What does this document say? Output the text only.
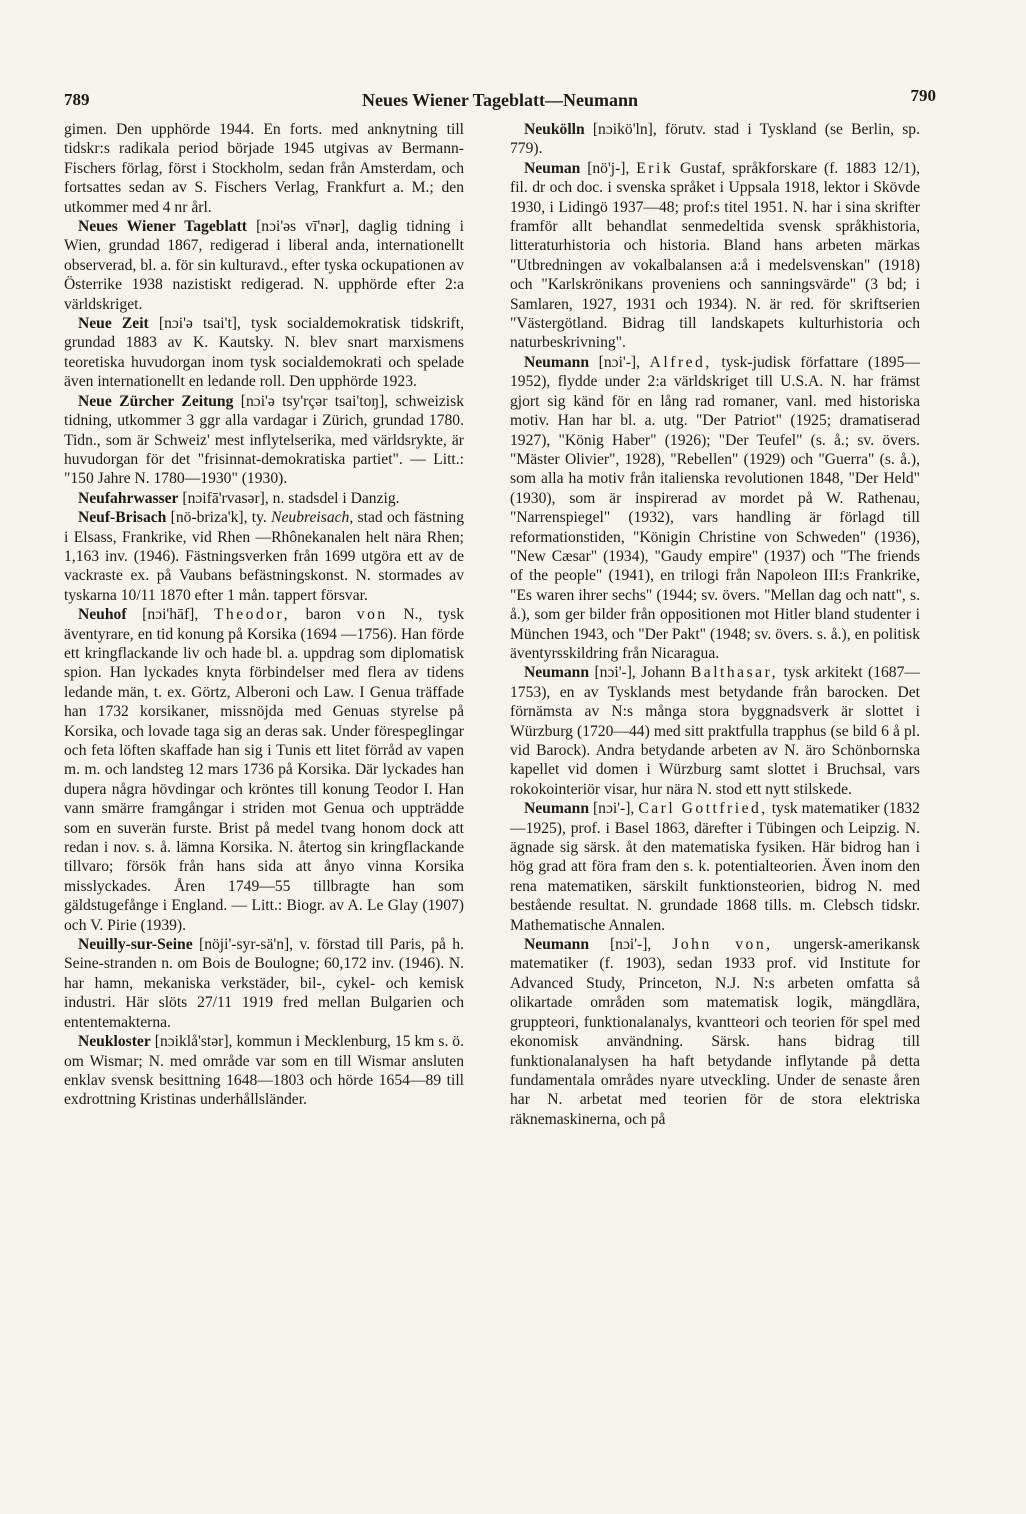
789	Neues Wiener Tageblatt—Neumann	790

gimen. Den upphörde 1944. En forts. med anknytning till tidskr:s radikala period började 1945 utgivas av Bermann-Fischers förlag, först i Stockholm, sedan från Amsterdam, och fortsattes sedan av S. Fischers Verlag, Frankfurt a. M.; den utkommer med 4 nr årl.

Neues Wiener Tageblatt [nɔi'əs vī'nər], daglig tidning i Wien, grundad 1867, redigerad i liberal anda, internationellt observerad, bl. a. för sin kulturavd., efter tyska ockupationen av Österrike 1938 nazistiskt redigerad. N. upphörde efter 2:a världskriget.

Neue Zeit [nɔi'ə tsai't], tysk socialdemokratisk tidskrift, grundad 1883 av K. Kautsky. N. blev snart marxismens teoretiska huvudorgan inom tysk socialdemokrati och spelade även internationellt en ledande roll. Den upphörde 1923.

Neue Zürcher Zeitung [nɔi'ə tsy'rçər tsai'toŋ], schweizisk tidning, utkommer 3 ggr alla vardagar i Zürich, grundad 1780. Tidn., som är Schweiz' mest inflytelserika, med världsrykte, är huvudorgan för det "frisinnat-demokratiska partiet". — Litt.: "150 Jahre N. 1780—1930" (1930).

Neufahrwasser [nɔifā'rvasər], n. stadsdel i Danzig.

Neuf-Brisach [nö-briza'k], ty. Neubreisach, stad och fästning i Elsass, Frankrike, vid Rhen —Rhônekanalen helt nära Rhen; 1,163 inv. (1946). Fästningsverken från 1699 utgöra ett av de vackraste ex. på Vaubans befästningskonst. N. stormades av tyskarna 10/11 1870 efter 1 mån. tappert försvar.

Neuhof [nɔi'hāf], Theodor, baron von N., tysk äventyrare, en tid konung på Korsika (1694 —1756). Han förde ett kringflackande liv och hade bl. a. uppdrag som diplomatisk spion. Han lyckades knyta förbindelser med flera av tidens ledande män, t. ex. Görtz, Alberoni och Law. I Genua träffade han 1732 korsikaner, missnöjda med Genuas styrelse på Korsika, och lovade taga sig an deras sak. Under förespeglingar och feta löften skaffade han sig i Tunis ett litet förråd av vapen m. m. och landsteg 12 mars 1736 på Korsika. Där lyckades han dupera några hövdingar och kröntes till konung Teodor I. Han vann smärre framgångar i striden mot Genua och uppträdde som en suverän furste. Brist på medel tvang honom dock att redan i nov. s. å. lämna Korsika. N. återtog sin kringflackande tillvaro; försök från hans sida att ånyo vinna Korsika misslyckades. Åren 1749—55 tillbragte han som gäldstugefånge i England. — Litt.: Biogr. av A. Le Glay (1907) och V. Pirie (1939).

Neuilly-sur-Seine [nöji'-syr-sä'n], v. förstad till Paris, på h. Seine-stranden n. om Bois de Boulogne; 60,172 inv. (1946). N. har hamn, mekaniska verkstäder, bil-, cykel- och kemisk industri. Här slöts 27/11 1919 fred mellan Bulgarien och ententemakterna.

Neukloster [nɔiklå'stər], kommun i Mecklenburg, 15 km s. ö. om Wismar; N. med område var som en till Wismar ansluten enklav svensk besittning 1648—1803 och hörde 1654—89 till exdrottning Kristinas underhållsländer.

Neukölln [nɔikö'ln], förutv. stad i Tyskland (se Berlin, sp. 779).

Neuman [nö'j-], Erik Gustaf, språkforskare (f. 1883 12/1), fil. dr och doc. i svenska språket i Uppsala 1918, lektor i Skövde 1930, i Lidingö 1937—48; prof:s titel 1951. N. har i sina skrifter framför allt behandlat senmedeltida svensk språkhistoria, litteraturhistoria och historia. Bland hans arbeten märkas "Utbredningen av vokalbalansen a:å i medelsvenskan" (1918) och "Karlskrönikans proveniens och sanningsvärde" (3 bd; i Samlaren, 1927, 1931 och 1934). N. är red. för skriftserien "Västergötland. Bidrag till landskapets kulturhistoria och naturbeskrivning".

Neumann [nɔi'-], Alfred, tysk-judisk författare (1895—1952), flydde under 2:a världskriget till U.S.A. N. har främst gjort sig känd för en lång rad romaner, vanl. med historiska motiv. Han har bl. a. utg. "Der Patriot" (1925; dramatiserad 1927), "König Haber" (1926); "Der Teufel" (s. å.; sv. övers. "Mäster Olivier", 1928), "Rebellen" (1929) och "Guerra" (s. å.), som alla ha motiv från italienska revolutionen 1848, "Der Held" (1930), som är inspirerad av mordet på W. Rathenau, "Narrenspiegel" (1932), vars handling är förlagd till reformationstiden, "Königin Christine von Schweden" (1936), "New Cæsar" (1934), "Gaudy empire" (1937) och "The friends of the people" (1941), en trilogi från Napoleon III:s Frankrike, "Es waren ihrer sechs" (1944; sv. övers. "Mellan dag och natt", s. å.), som ger bilder från oppositionen mot Hitler bland studenter i München 1943, och "Der Pakt" (1948; sv. övers. s. å.), en politisk äventyrsskildring från Nicaragua.

Neumann [nɔi'-], Johann Balthasar, tysk arkitekt (1687—1753), en av Tysklands mest betydande från barocken. Det förnämsta av N:s många stora byggnadsverk är slottet i Würzburg (1720—44) med sitt praktfulla trapphus (se bild 6 å pl. vid Barock). Andra betydande arbeten av N. äro Schönbornska kapellet vid domen i Würzburg samt slottet i Bruchsal, vars rokokointeriör visar, hur nära N. stod ett nytt stilskede.

Neumann [nɔi'-], Carl Gottfried, tysk matematiker (1832—1925), prof. i Basel 1863, därefter i Tübingen och Leipzig. N. ägnade sig särsk. åt den matematiska fysiken. Här bidrog han i hög grad att föra fram den s. k. potentialteorien. Även inom den rena matematiken, särskilt funktionsteorien, bidrog N. med bestående resultat. N. grundade 1868 tills. m. Clebsch tidskr. Mathematische Annalen.

Neumann [nɔi'-], John von, ungersk-amerikansk matematiker (f. 1903), sedan 1933 prof. vid Institute for Advanced Study, Princeton, N.J. N:s arbeten omfatta så olikartade områden som matematisk logik, mängdlära, gruppteori, funktionalanalys, kvantteori och teorien för spel med ekonomisk användning. Särsk. hans bidrag till funktionalanalysen ha haft betydande inflytande på detta fundamentala områdes nyare utveckling. Under de senaste åren har N. arbetat med teorien för de stora elektriska räknemaskinerna, och på
